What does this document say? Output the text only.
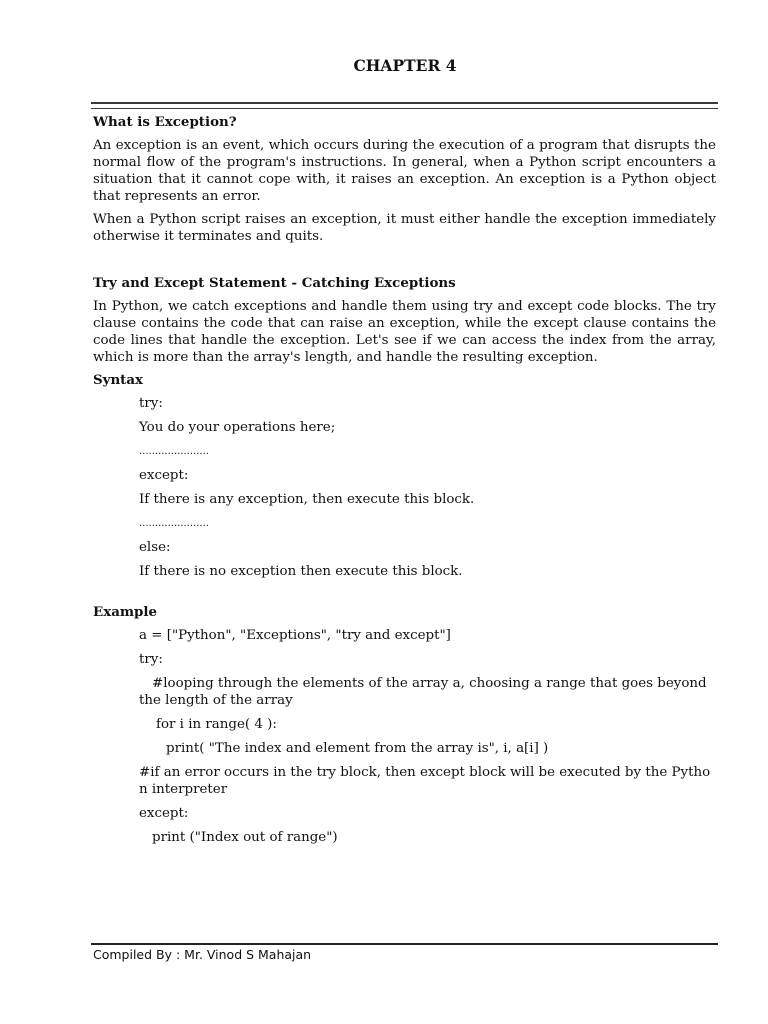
CHAPTER 4
What is Exception?

An exception is an event, which occurs during the execution of a program that disrupts the normal flow of the program's instructions. In general, when a Python script encounters a situation that it cannot cope with, it raises an exception. An exception is a Python object that represents an error.

When a Python script raises an exception, it must either handle the exception immediately otherwise it terminates and quits.

Try and Except Statement - Catching Exceptions

In Python, we catch exceptions and handle them using try and except code blocks. The try clause contains the code that can raise an exception, while the except clause contains the code lines that handle the exception. Let's see if we can access the index from the array, which is more than the array's length, and handle the resulting exception.

Syntax
try:
You do your operations here;
......................
except:
If there is any exception, then execute this block.
......................
else:
If there is no exception then execute this block.
Example
a = ["Python", "Exceptions", "try and except"]
try:
#looping through the elements of the array a, choosing a range that goes beyond the length of the array
for i in range( 4 ):
print( "The index and element from the array is", i, a[i] )
#if an error occurs in the try block, then except block will be executed by the Python interpreter
except:
print ("Index out of range")
Compiled By : Mr. Vinod S Mahajan
